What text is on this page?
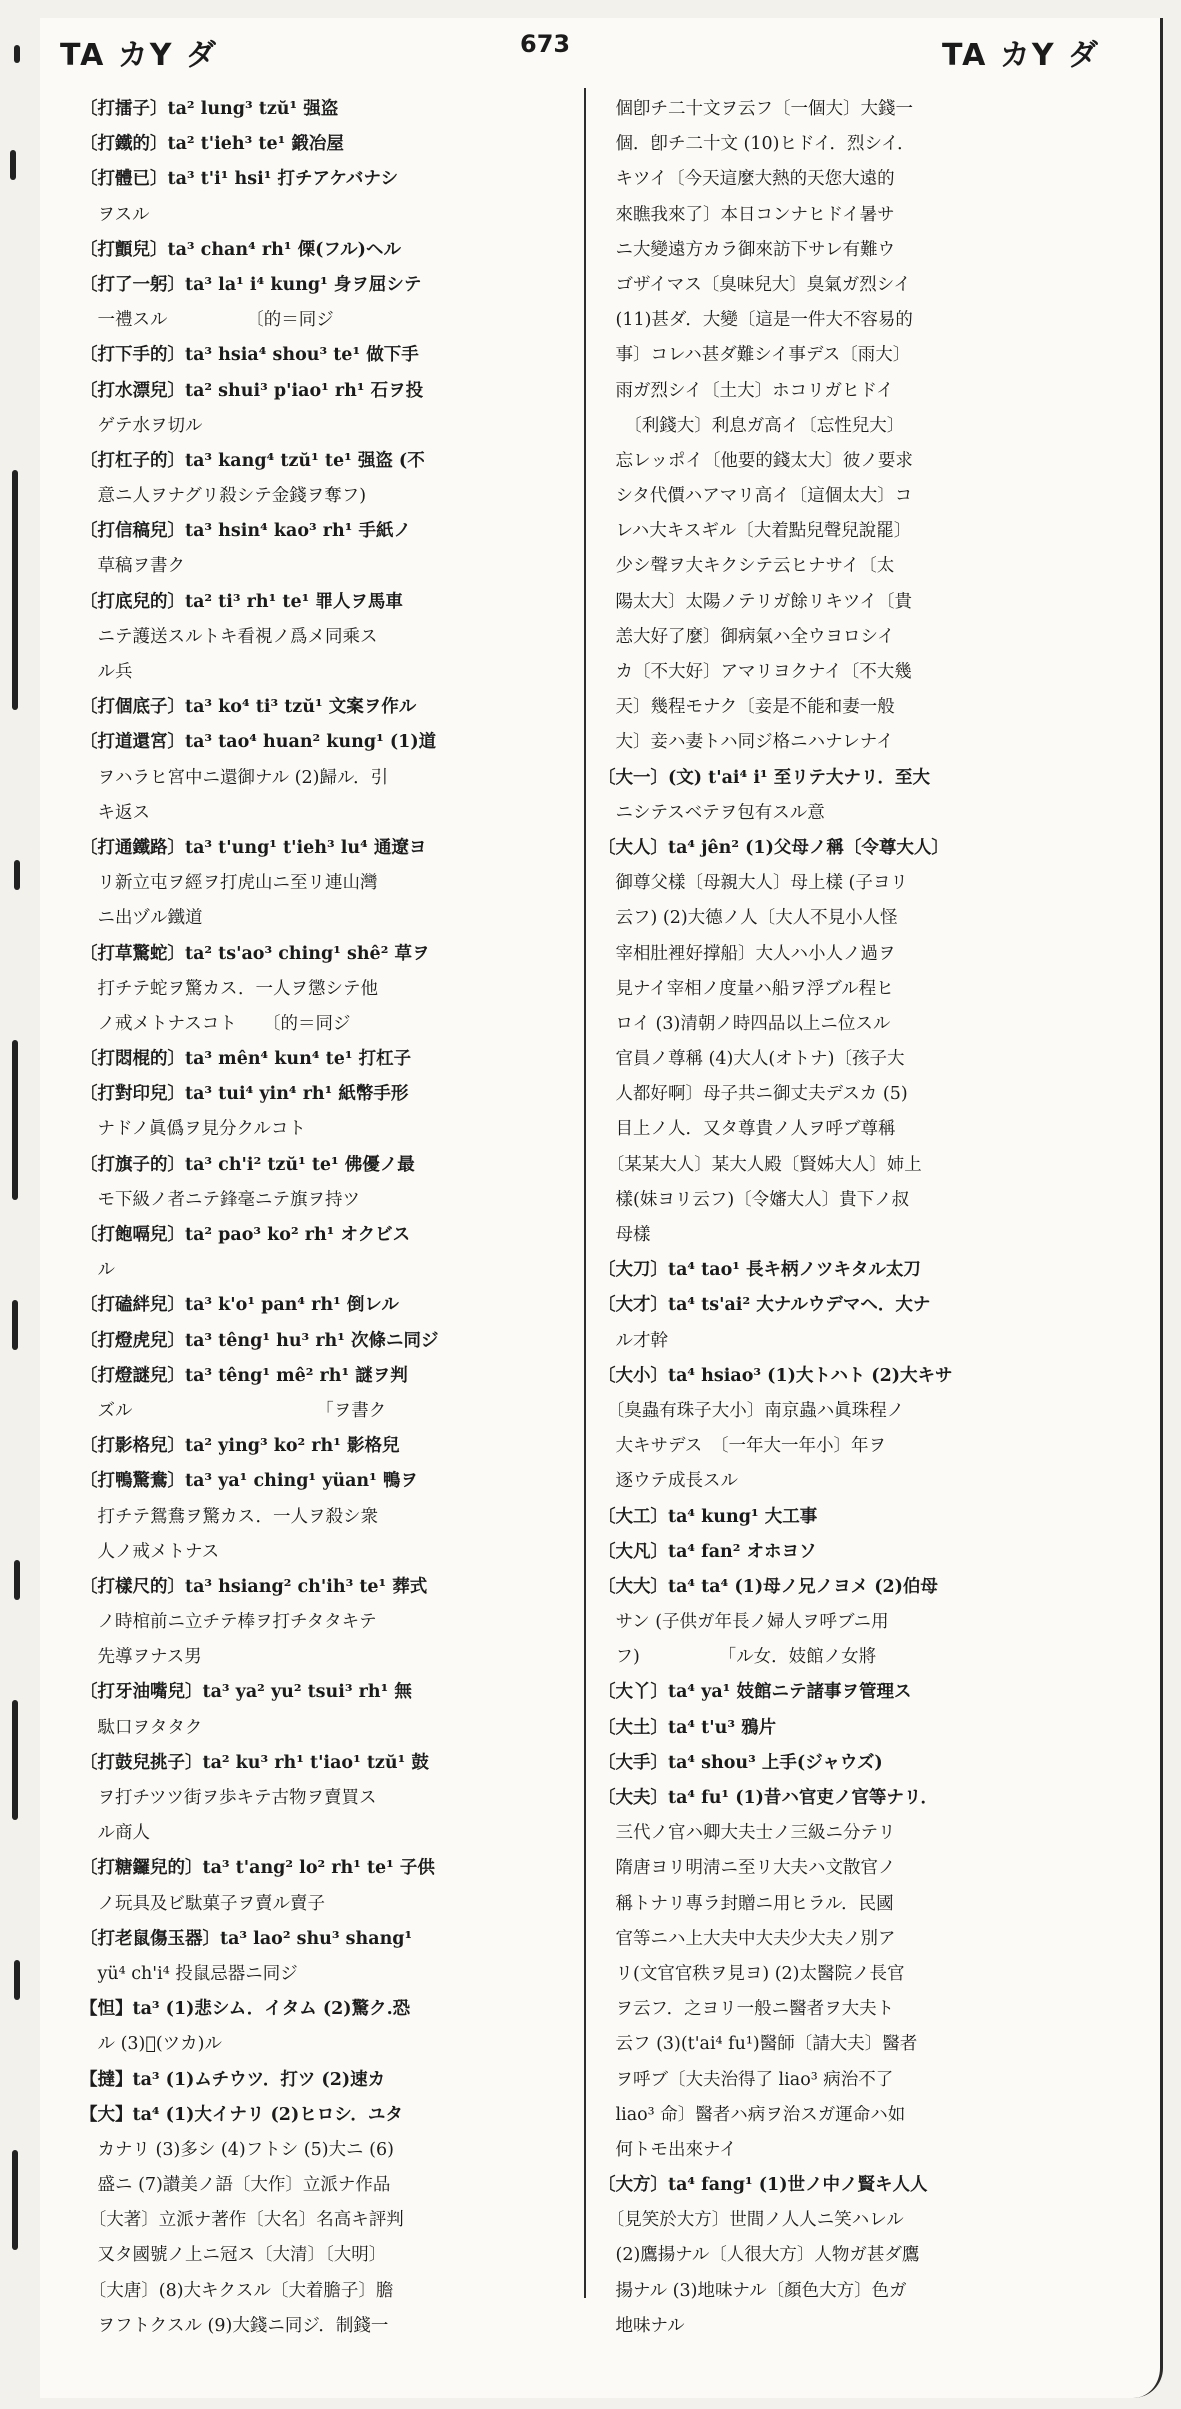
TA カY ダ	673	TA カY ダ
〔打擂子〕ta² lung³ tzŭ¹ 强盗
〔打鐵的〕ta² t'ieh³ te¹ 鍛冶屋
〔打體已〕ta³ t'i¹ hsi¹ 打チアケバナシ
　ヲスル
〔打顫兒〕ta³ chan⁴ rh¹ 傈(フル)ヘル
〔打了一躬〕ta³ la¹ i⁴ kung¹ 身ヲ屈シテ
　一禮スル　　　　　〔的＝同ジ
〔打下手的〕ta³ hsia⁴ shou³ te¹ 做下手
〔打水漂兒〕ta² shui³ p'iao¹ rh¹ 石ヲ投
　ゲテ水ヲ切ル
〔打杠子的〕ta³ kang⁴ tzŭ¹ te¹ 强盗 (不
　意ニ人ヲナグリ殺シテ金錢ヲ奪フ)
〔打信稿兒〕ta³ hsin⁴ kao³ rh¹ 手紙ノ
　草稿ヲ書ク
〔打底兒的〕ta² ti³ rh¹ te¹ 罪人ヲ馬車
　ニテ護送スルトキ看視ノ爲メ同乘ス
　ル兵
〔打個底子〕ta³ ko⁴ ti³ tzŭ¹ 文案ヲ作ル
〔打道還宮〕ta³ tao⁴ huan² kung¹ (1)道
　ヲハラヒ宮中ニ還御ナル (2)歸ル．引
　キ返ス
〔打通鐵路〕ta³ t'ung¹ t'ieh³ lu⁴ 通遼ヨ
　リ新立屯ヲ經ヲ打虎山ニ至リ連山灣
　ニ出ヅル鐵道
〔打草驚蛇〕ta² ts'ao³ ching¹ shê² 草ヲ
　打チテ蛇ヲ驚カス．一人ヲ懲シテ他
　ノ戒メトナスコト　　〔的＝同ジ
〔打悶棍的〕ta³ mên⁴ kun⁴ te¹ 打杠子
〔打對印兒〕ta³ tui⁴ yin⁴ rh¹ 紙幣手形
　ナドノ眞僞ヲ見分クルコト
〔打旗子的〕ta³ ch'i² tzŭ¹ te¹ 佛優ノ最
　モ下級ノ者ニテ鋒毫ニテ旗ヲ持ツ
〔打飽嗝兒〕ta² pao³ ko² rh¹ オクビス
　ル
〔打磕絆兒〕ta³ k'o¹ pan⁴ rh¹ 倒レル
〔打燈虎兒〕ta³ têng¹ hu³ rh¹ 次條ニ同ジ
〔打燈謎兒〕ta³ têng¹ mê² rh¹ 謎ヲ判
　ズル　　　　　　　　　　　「ヲ書ク
〔打影格兒〕ta² ying³ ko² rh¹ 影格兒
〔打鴨驚鴦〕ta³ ya¹ ching¹ yüan¹ 鴨ヲ
　打チテ鴛鴦ヲ驚カス．一人ヲ殺シ衆
　人ノ戒メトナス
〔打樣尺的〕ta³ hsiang² ch'ih³ te¹ 葬式
　ノ時棺前ニ立チテ棒ヲ打チタタキテ
　先導ヲナス男
〔打牙油嘴兒〕ta³ ya² yu² tsui³ rh¹ 無
　駄口ヲタタク
〔打鼓兒挑子〕ta² ku³ rh¹ t'iao¹ tzŭ¹ 鼓
　ヲ打チツツ街ヲ歩キテ古物ヲ賣買ス
　ル商人
〔打糖鑼兒的〕ta³ t'ang² lo² rh¹ te¹ 子供
　ノ玩具及ビ駄菓子ヲ賣ル賣子
〔打老鼠傷玉器〕ta³ lao² shu³ shang¹
　yü⁴ ch'i⁴ 投鼠忌器ニ同ジ
【怛】ta³ (1)悲シム．イタム (2)驚ク.恐
　ル (3)𥩟(ツカ)ル
【撻】ta³ (1)ムチウツ．打ツ (2)速カ
【大】ta⁴ (1)大イナリ (2)ヒロシ．ユタ
　カナリ (3)多シ (4)フトシ (5)大ニ (6)
　盛ニ (7)讃美ノ語〔大作〕立派ナ作品
　〔大著〕立派ナ著作〔大名〕名高キ評判
　又タ國號ノ上ニ冠ス〔大清〕〔大明〕
　〔大唐〕(8)大キクスル〔大着膽子〕膽
　ヲフトクスル (9)大錢ニ同ジ．制錢一
　個卽チ二十文ヲ云フ〔一個大〕大錢一
　個．卽チ二十文 (10)ヒドイ．烈シイ．
　キツイ〔今天這麼大熱的天您大遠的
　來瞧我來了〕本日コンナヒドイ暑サ
　ニ大變遠方カラ御來訪下サレ有難ウ
　ゴザイマス〔臭味兒大〕臭氣ガ烈シイ
　(11)甚ダ．大變〔這是一件大不容易的
　事〕コレハ甚ダ難シイ事デス〔雨大〕
　雨ガ烈シイ〔土大〕ホコリガヒドイ
　　〔利錢大〕利息ガ高イ〔忘性兒大〕
　忘レッポイ〔他要的錢太大〕彼ノ要求
　シタ代價ハアマリ高イ〔這個太大〕コ
　レハ大キスギル〔大着點兒聲兒說罷〕
　少シ聲ヲ大キクシテ云ヒナサイ〔太
　陽太大〕太陽ノテリガ餘リキツイ〔貴
　恙大好了麼〕御病氣ハ全ウヨロシイ
　カ〔不大好〕アマリヨクナイ〔不大幾
　天〕幾程モナク〔妾是不能和妻一般
　大〕妾ハ妻トハ同ジ格ニハナレナイ
〔大一〕(文) t'ai⁴ i¹ 至リテ大ナリ．至大
　ニシテスベテヲ包有スル意
〔大人〕ta⁴ jên² (1)父母ノ稱〔令尊大人〕
　御尊父樣〔母親大人〕母上樣 (子ヨリ
　云フ) (2)大德ノ人〔大人不見小人怪
　宰相肚裡好撑船〕大人ハ小人ノ過ヲ
　見ナイ宰相ノ度量ハ船ヲ浮ブル程ヒ
　ロイ (3)清朝ノ時四品以上ニ位スル
　官員ノ尊稱 (4)大人(オトナ)〔孩子大
　人都好啊〕母子共ニ御丈夫デスカ (5)
　目上ノ人．又タ尊貴ノ人ヲ呼ブ尊稱
　〔某某大人〕某大人殿〔賢姊大人〕姉上
　樣(妹ヨリ云フ)〔令嬸大人〕貴下ノ叔
　母樣
〔大刀〕ta⁴ tao¹ 長キ柄ノツキタル太刀
〔大才〕ta⁴ ts'ai² 大ナルウデマヘ．大ナ
　ル才幹
〔大小〕ta⁴ hsiao³ (1)大トハト (2)大キサ
　〔臭蟲有珠子大小〕南京蟲ハ眞珠程ノ
　大キサデス　〔一年大一年小〕年ヲ
　逐ウテ成長スル
〔大工〕ta⁴ kung¹ 大工事
〔大凡〕ta⁴ fan² オホヨソ
〔大大〕ta⁴ ta⁴ (1)母ノ兄ノヨメ (2)伯母
　サン (子供ガ年長ノ婦人ヲ呼ブニ用
　フ)　　　　　「ル女．妓館ノ女將
〔大丫〕ta⁴ ya¹ 妓館ニテ諸事ヲ管理ス
〔大土〕ta⁴ t'u³ 鴉片
〔大手〕ta⁴ shou³ 上手(ジャウズ)
〔大夫〕ta⁴ fu¹ (1)昔ハ官吏ノ官等ナリ．
　三代ノ官ハ卿大夫士ノ三級ニ分テリ
　隋唐ヨリ明淸ニ至リ大夫ハ文散官ノ
　稱トナリ專ラ封贈ニ用ヒラル．民國
　官等ニハ上大夫中大夫少大夫ノ別ア
　リ(文官官秩ヲ見ヨ) (2)太醫院ノ長官
　ヲ云フ．之ヨリ一般ニ醫者ヲ大夫ト
　云フ (3)(t'ai⁴ fu¹)醫師〔請大夫〕醫者
　ヲ呼ブ〔大夫治得了 liao³ 病治不了
　liao³ 命〕醫者ハ病ヲ治スガ運命ハ如
　何トモ出來ナイ
〔大方〕ta⁴ fang¹ (1)世ノ中ノ賢キ人人
　〔見笑於大方〕世間ノ人人ニ笑ハレル
　(2)鷹揚ナル〔人很大方〕人物ガ甚ダ鷹
　揚ナル (3)地味ナル〔顏色大方〕色ガ
　地味ナル
